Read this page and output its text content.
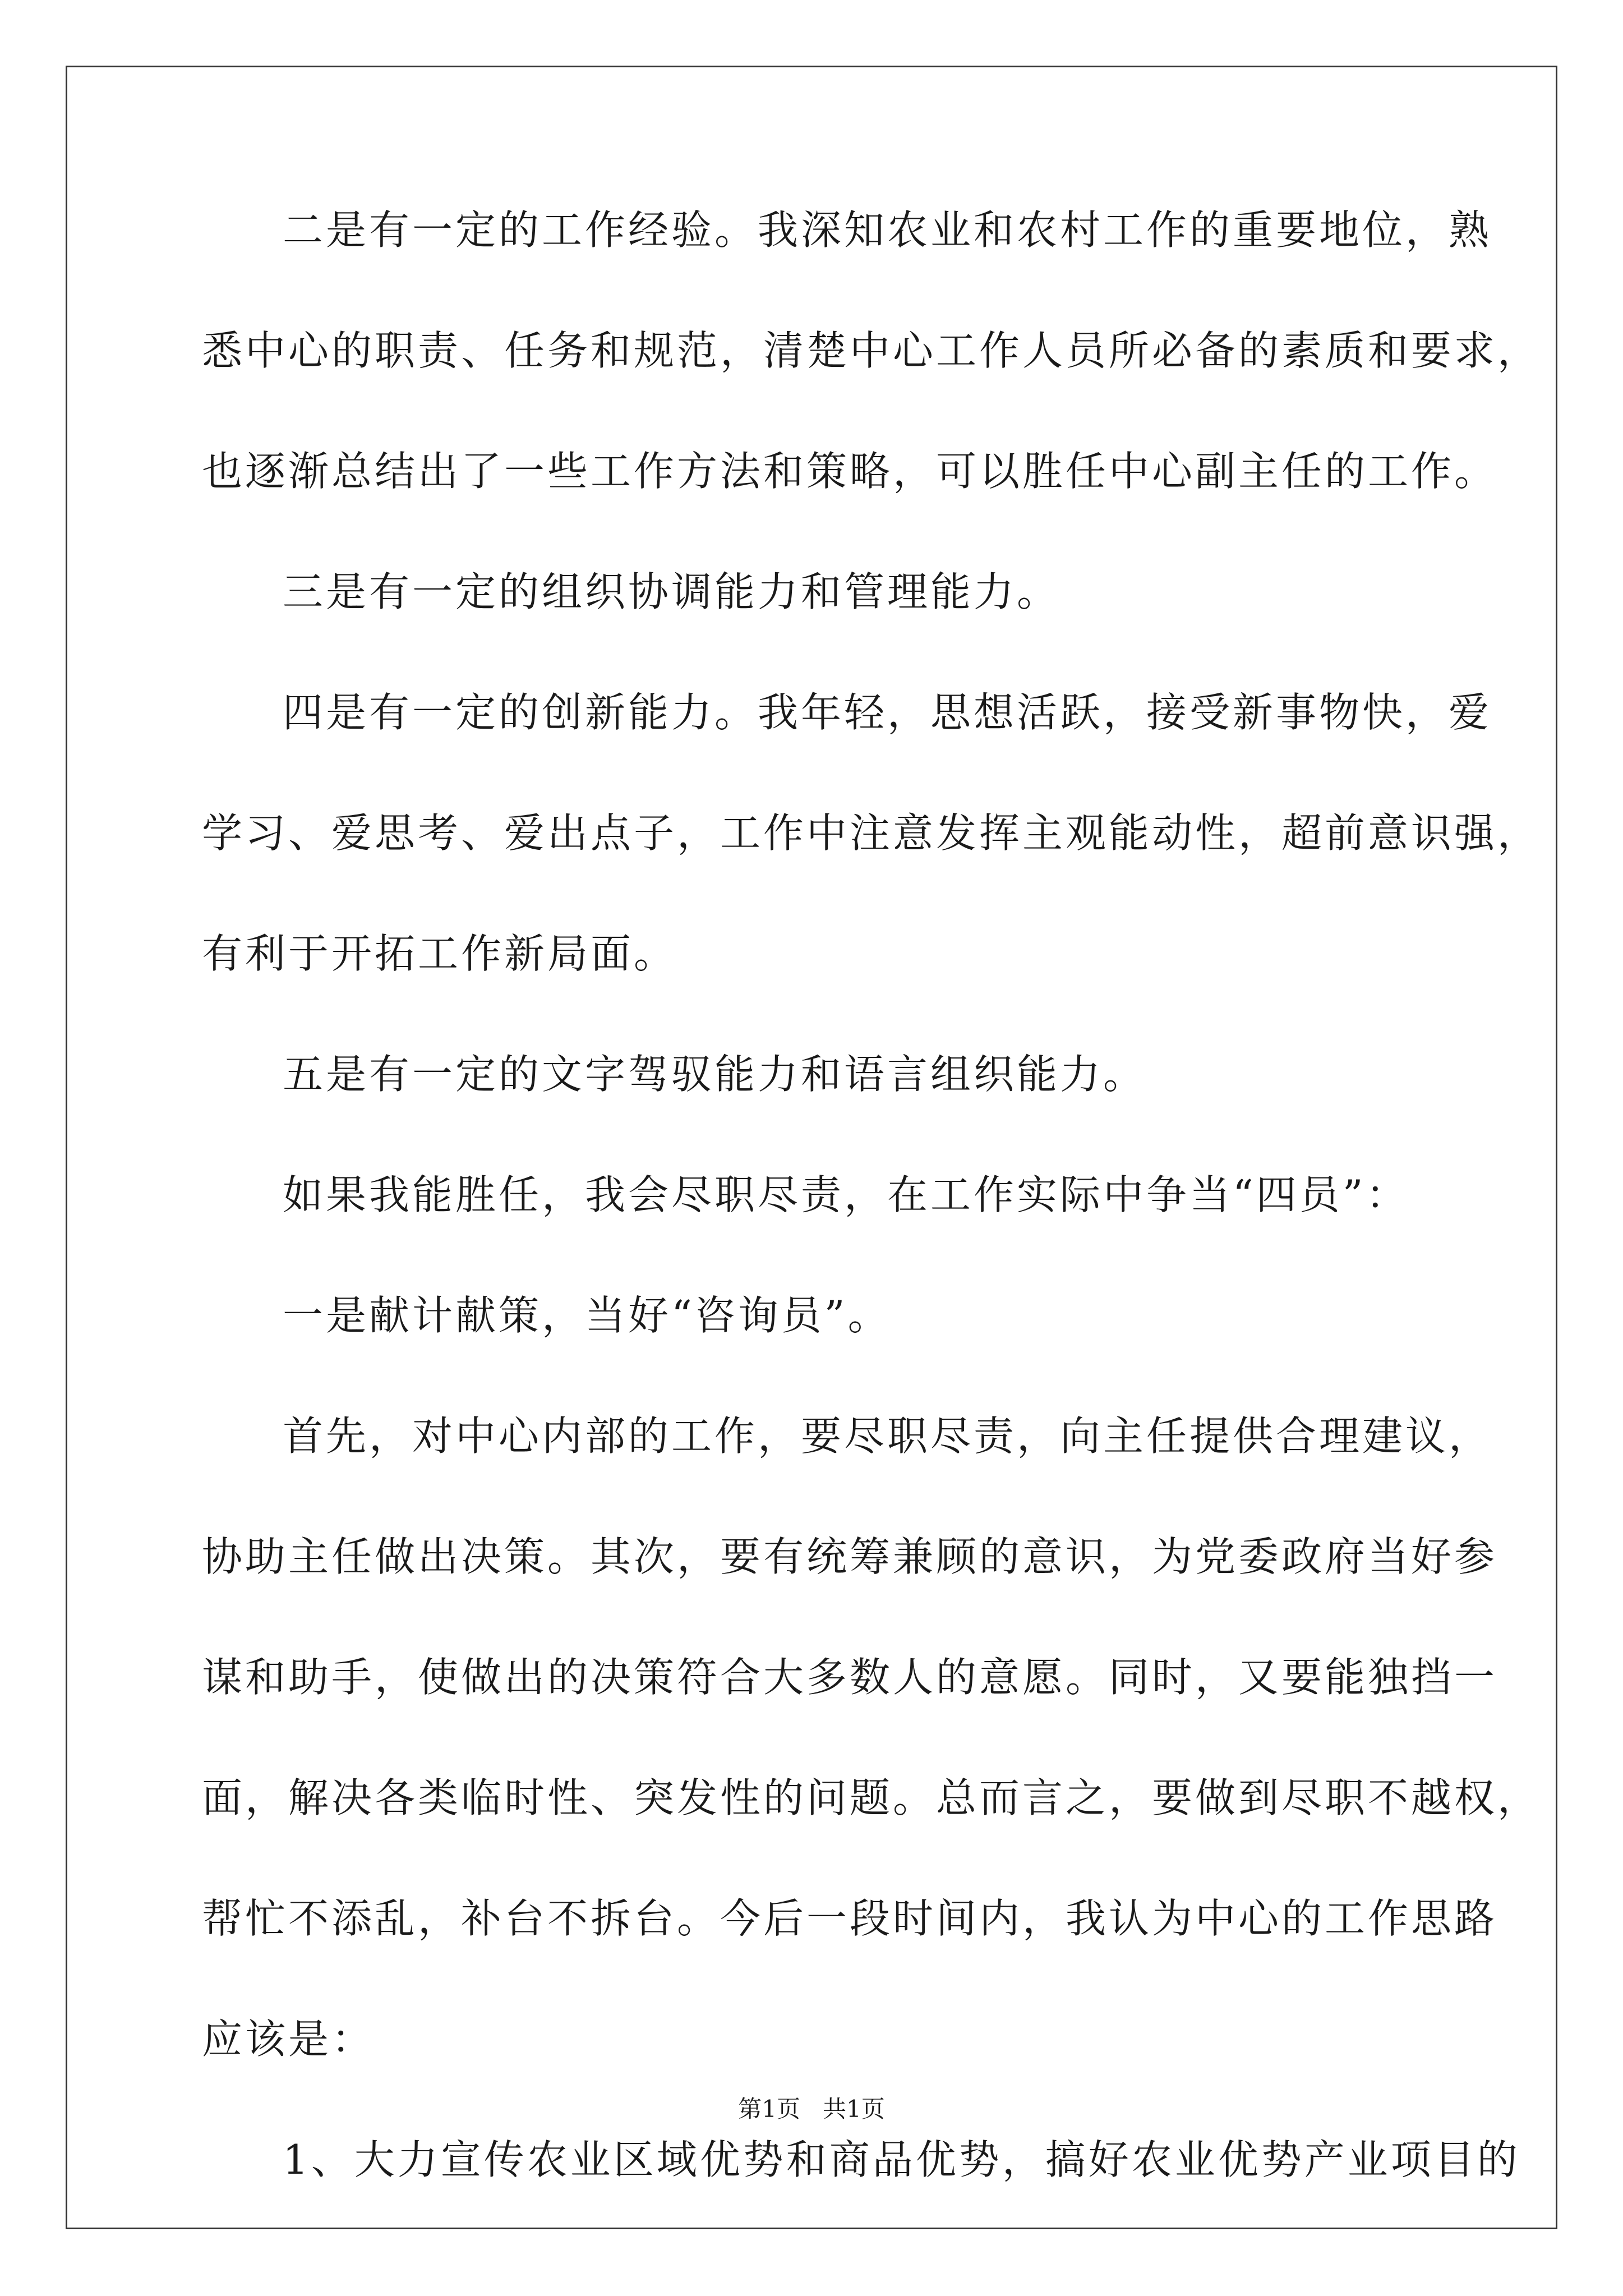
二是有一定的工作经验。我深知农业和农村工作的重要地位，熟
悉中心的职责、任务和规范，清楚中心工作人员所必备的素质和要求，
也逐渐总结出了一些工作方法和策略，可以胜任中心副主任的工作。
三是有一定的组织协调能力和管理能力。
四是有一定的创新能力。我年轻，思想活跃，接受新事物快，爱
学习、爱思考、爱出点子，工作中注意发挥主观能动性，超前意识强，
有利于开拓工作新局面。
五是有一定的文字驾驭能力和语言组织能力。
如果我能胜任，我会尽职尽责，在工作实际中争当“四员”：
一是献计献策，当好“咨询员”。
首先，对中心内部的工作，要尽职尽责，向主任提供合理建议，
协助主任做出决策。其次，要有统筹兼顾的意识，为党委政府当好参
谋和助手，使做出的决策符合大多数人的意愿。同时，又要能独挡一
面，解决各类临时性、突发性的问题。总而言之，要做到尽职不越权，
帮忙不添乱，补台不拆台。今后一段时间内，我认为中心的工作思路
应该是：
1、大力宣传农业区域优势和商品优势，搞好农业优势产业项目的
第1页 共1页
